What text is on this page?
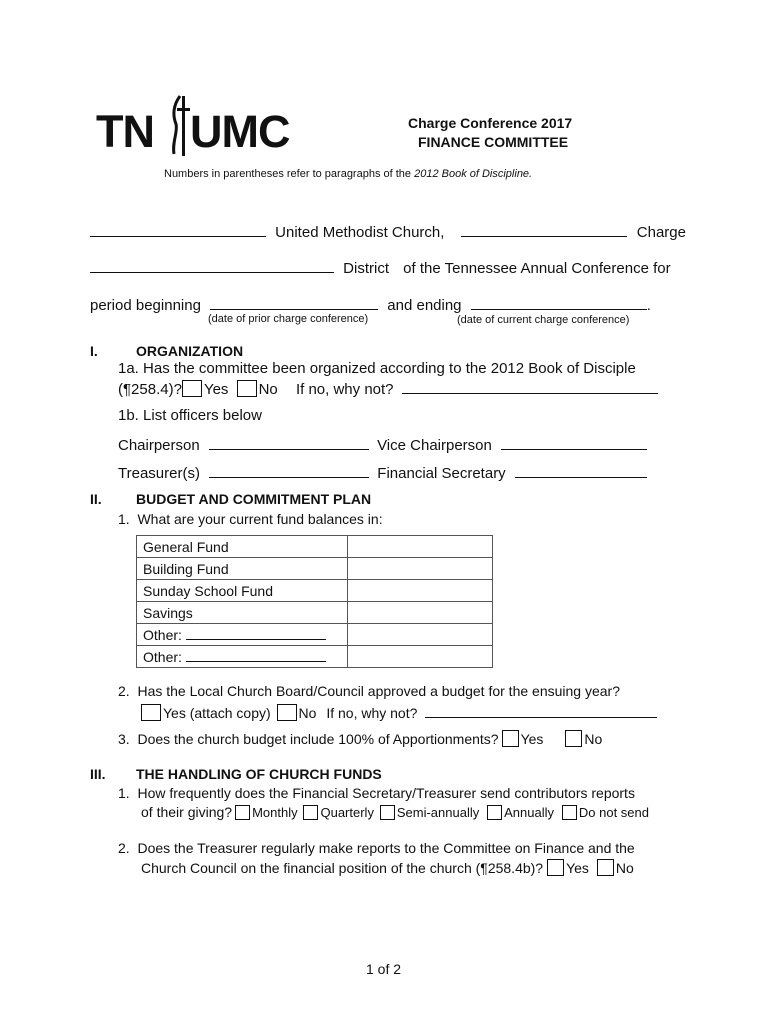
TN UMC	Charge Conference 2017
FINANCE COMMITTEE
Numbers in parentheses refer to paragraphs of the 2012 Book of Discipline.
United Methodist Church,	Charge
District of the Tennessee Annual Conference for
period beginning	and ending	.
(date of prior charge conference)	(date of current charge conference)
I.	ORGANIZATION
1a. Has the committee been organized according to the 2012 Book of Disciple
(¶258.4)? Yes No If no, why not?
1b. List officers below
Chairperson	Vice Chairperson
Treasurer(s)	Financial Secretary
II. BUDGET AND COMMITMENT PLAN
1.  What are your current fund balances in:
General Fund	
Building Fund	
Sunday School Fund	
Savings	
Other:	
Other:	
2.  Has the Local Church Board/Council approved a budget for the ensuing year?
Yes (attach copy) No If no, why not?
3.  Does the church budget include 100% of Apportionments? Yes	No
III. THE HANDLING OF CHURCH FUNDS
1.  How frequently does the Financial Secretary/Treasurer send contributors reports
of their giving? Monthly Quarterly Semi-annually Annually Do not send
2.  Does the Treasurer regularly make reports to the Committee on Finance and the
Church Council on the financial position of the church (¶258.4b)? Yes No
1 of 2
